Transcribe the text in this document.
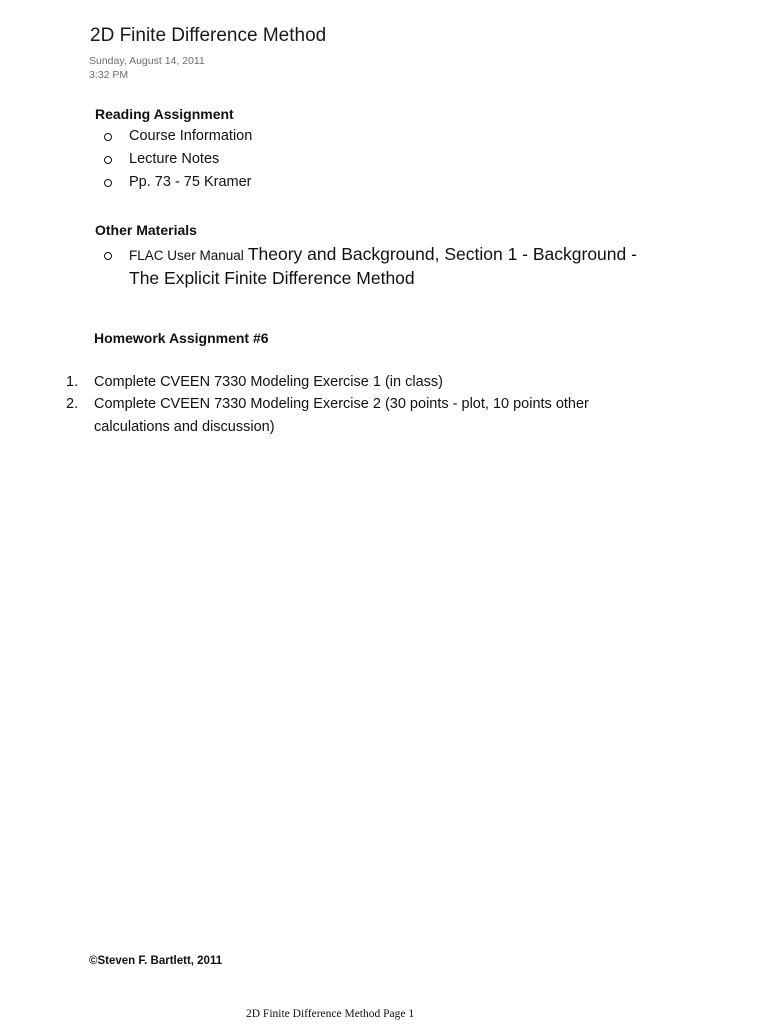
2D Finite Difference Method
Sunday, August 14, 2011
3:32 PM
Reading Assignment
Course Information
Lecture Notes
Pp. 73 - 75 Kramer
Other Materials
FLAC User Manual Theory and Background, Section 1 - Background -
The Explicit Finite Difference Method
Homework Assignment #6
1. Complete CVEEN 7330 Modeling Exercise 1 (in class)
2. Complete CVEEN 7330 Modeling Exercise 2 (30 points - plot, 10 points other
calculations and discussion)
©Steven F. Bartlett, 2011
2D Finite Difference Method Page 1
